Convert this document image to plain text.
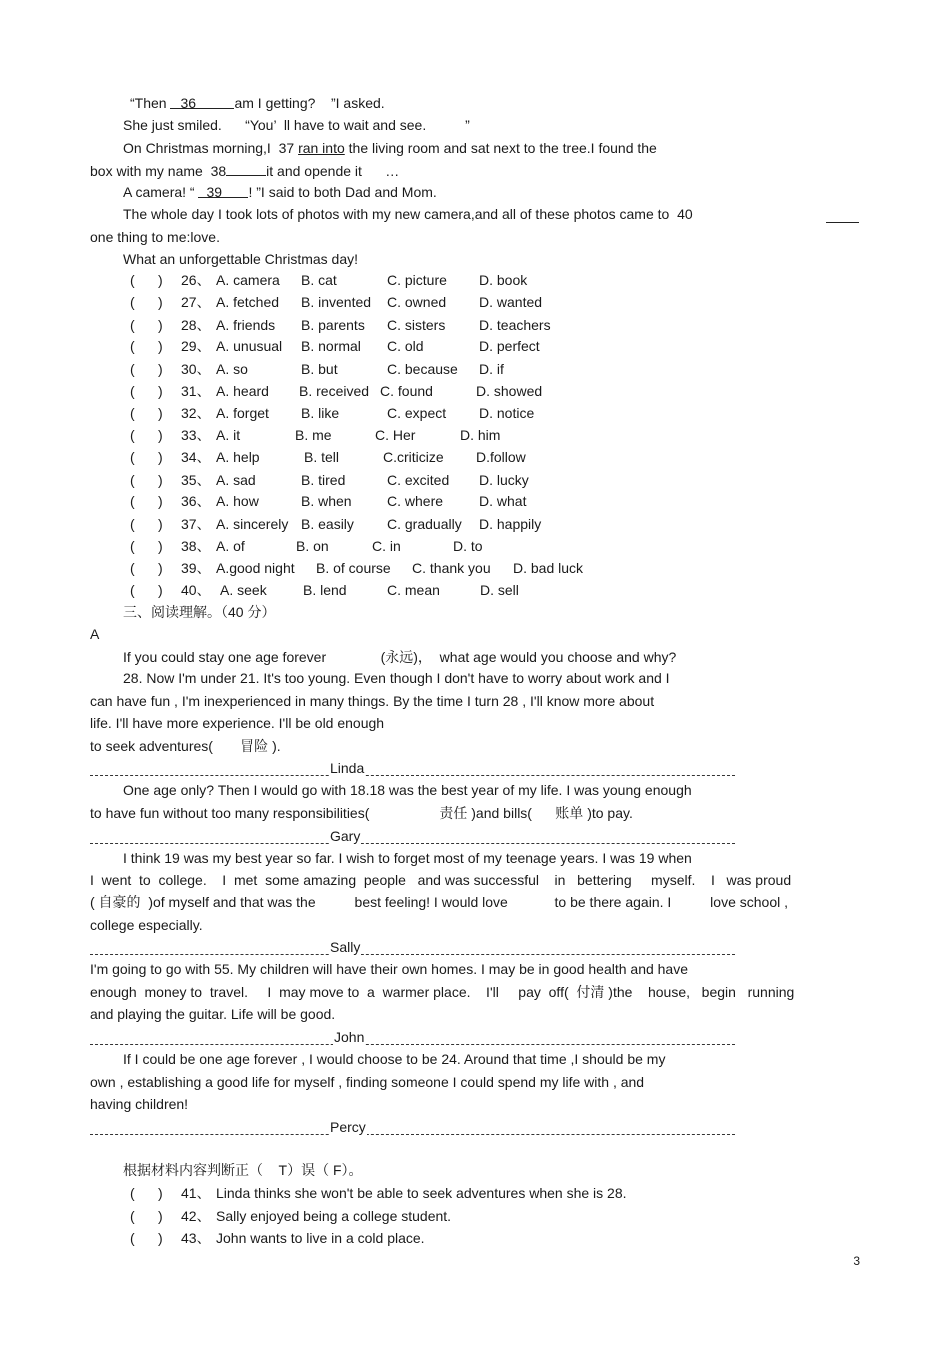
“Then 36	am I getting?    ”I asked.
She just smiled.      “You’  ll have to wait and see.          ”
On Christmas morning,I  37 ran into the living room and sat next to the tree.I found the
box with my name  38	it and opende it      …
A camera! “ 39 ! ”I said to both Dad and Mom.
The whole day I took lots of photos with my new camera,and all of these photos came to  40
one thing to me:love.
What an unforgettable Christmas day!
(      ) 26、 A. camera B. cat	C. picture D. book
(      ) 27、 A. fetched B. invented C. owned D. wanted
(      ) 28、 A. friends B. parents C. sisters D. teachers
(      ) 29、 A. unusual B. normal C. old	D. perfect
(      ) 30、 A. so	B. but	C. because D. if
(      ) 31、 A. heard B. received C. found	D. showed
(      ) 32、 A. forget B. like	C. expect D. notice
(      ) 33、 A. it	B. me	C. Her	D. him
(      ) 34、 A. help	B. tell	C.criticize D.follow
(      ) 35、 A. sad	B. tired	C. excited D. lucky
(      ) 36、 A. how	B. when	C. where	D. what
(      ) 37、 A. sincerely B. easily C. gradually D. happily
(      ) 38、 A. of	B. on	C. in	D. to
(      ) 39、 A.good night B. of course C. thank you D. bad luck
(      ) 40、 A. seek	B. lend	C. mean	D. sell
三、阅读理解。（40 分）
A
If you could stay one age forever              (永远)，  what age would you choose and why?
28. Now I'm under 21. It's too young. Even though I don't have to worry about work and I
can have fun , I'm inexperienced in many things. By the time I turn 28 , I'll know more about
life. I'll have more experience. I'll be old enough
to seek adventures(       冒险 ).
Linda
One age only? Then I would go with 18.18 was the best year of my life. I was young enough
to have fun without too many responsibilities(                  责任 )and bills(      账单 )to pay.
Gary
I think 19 was my best year so far. I wish to forget most of my teenage years. I was 19 when
I  went  to  college.    I  met  some amazing  people   and was successful    in   bettering     myself.    I   was proud
( 自豪的  )of myself and that was the          best feeling! I would love            to be there again. I          love school ,
college especially.
Sally
I'm going to go with 55. My children will have their own homes. I may be in good health and have
enough  money to  travel.     I  may move to  a  warmer place.    I'll     pay  off(  付清 )the    house,   begin   running
and playing the guitar. Life will be good.
John
If I could be one age forever , I would choose to be 24. Around that time ,I should be my
own , establishing a good life for myself , finding someone I could spend my life with , and
having children!
Percy
根据材料内容判断正（    T）误（ F）。
(      ) 41、 Linda thinks she won't be able to seek adventures when she is 28.
(      ) 42、 Sally enjoyed being a college student.
(      ) 43、 John wants to live in a cold place.
3
